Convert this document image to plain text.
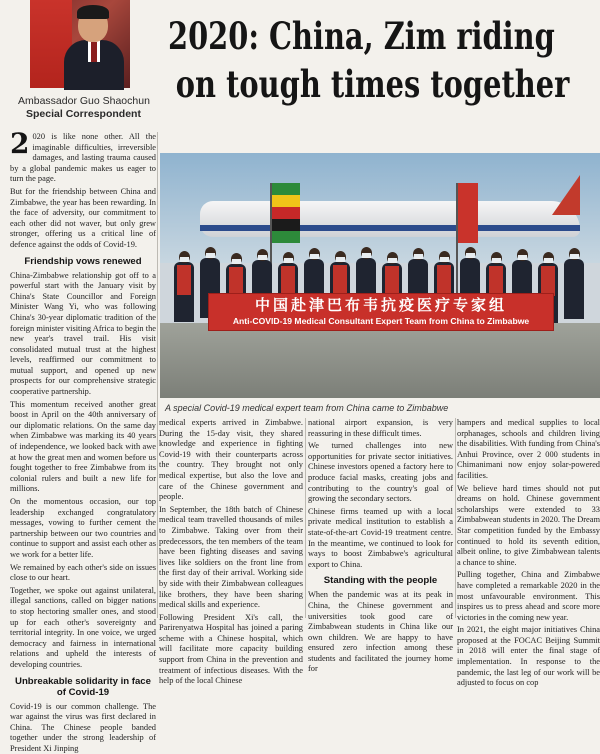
Ambassador Guo Shaochun
Special Correspondent
2020: China, Zim riding
on tough times together
中国赴津巴布韦抗疫医疗专家组
Anti-COVID-19 Medical Consultant Expert Team from China to Zimbabwe
A special Covid-19 medical expert team from China came to Zimbabwe

2 020 is like none other. All the imaginable difficulties, irreversible damages, and lasting trauma caused by a global pandemic makes us eager to turn the page.

But for the friendship between China and Zimbabwe, the year has been rewarding. In the face of adversity, our commitment to each other did not waver, but only grew stronger, offering us a critical line of defence against the odds of Covid-19.

Friendship vows renewed

China-Zimbabwe relationship got off to a powerful start with the January visit by China's State Councillor and Foreign Minister Wang Yi, who was following China's 30-year diplomatic tradition of the foreign minister visiting Africa to begin the new year's travel trail. His visit consolidated mutual trust at the highest levels, reaffirmed our commitment to mutual support, and opened up new prospects for our comprehensive strategic cooperative partnership.

This momentum received another great boost in April on the 40th anniversary of our diplomatic relations. On the same day when Zimbabwe was marking its 40 years of independence, we looked back with awe at how the great men and women before us fought together to free Zimbabwe from its colonial rulers and built a new life for millions.

On the momentous occasion, our top leadership exchanged congratulatory messages, vowing to further cement the partnership between our two countries and continue to support and assist each other as we work for a better life.

We remained by each other's side on issues close to our heart.

Together, we spoke out against unilateral, illegal sanctions, called on bigger nations to stop hectoring smaller ones, and stood up for each other's sovereignty and territorial integrity. In one voice, we urged democracy and fairness in international relations and upheld the interests of developing countries.

Unbreakable solidarity in face of Covid-19

Covid-19 is our common challenge. The war against the virus was first declared in China. The Chinese people banded together under the strong leadership of President Xi Jinping

medical experts arrived in Zimbabwe. During the 15-day visit, they shared knowledge and experience in fighting Covid-19 with their counterparts across the country. They brought not only medical expertise, but also the love and care of the Chinese government and people.

In September, the 18th batch of Chinese medical team travelled thousands of miles to Zimbabwe. Taking over from their predecessors, the ten members of the team have been fighting diseases and saving lives like soldiers on the front line from the first day of their arrival. Working side by side with their Zimbabwean colleagues like brothers, they have been sharing medical skills and experience.

Following President Xi's call, the Parirenyatwa Hospital has joined a paring scheme with a Chinese hospital, which will facilitate more capacity building support from China in the prevention and treatment of infectious diseases. With the help of the local Chinese

national airport expansion, is very reassuring in these difficult times.

We turned challenges into new opportunities for private sector initiatives. Chinese investors opened a factory here to produce facial masks, creating jobs and contributing to the country's goal of growing the secondary sectors.

Chinese firms teamed up with a local private medical institution to establish a state-of-the-art Covid-19 treatment centre. In the meantime, we continued to look for ways to boost Zimbabwe's agricultural export to China.

Standing with the people

When the pandemic was at its peak in China, the Chinese government and universities took good care of Zimbabwean students in China like our own children. We are happy to have ensured zero infection among these students and facilitated the journey home for

hampers and medical supplies to local orphanages, schools and children living the disabilities. With funding from China's Anhui Province, over 2 000 students in Chimanimani now enjoy solar-powered facilities.

We believe hard times should not put dreams on hold. Chinese government scholarships were extended to 33 Zimbabwean students in 2020. The Dream Star competition funded by the Embassy continued to hold its seventh edition, albeit online, to give Zimbabwean talents a chance to shine.

Pulling together, China and Zimbabwe have completed a remarkable 2020 in the most unfavourable environment. This inspires us to press ahead and score more victories in the coming new year.

In 2021, the eight major initiatives China proposed at the FOCAC Beijing Summit in 2018 will enter the final stage of implementation. In response to the pandemic, the last leg of our work will be adjusted to focus on cop
